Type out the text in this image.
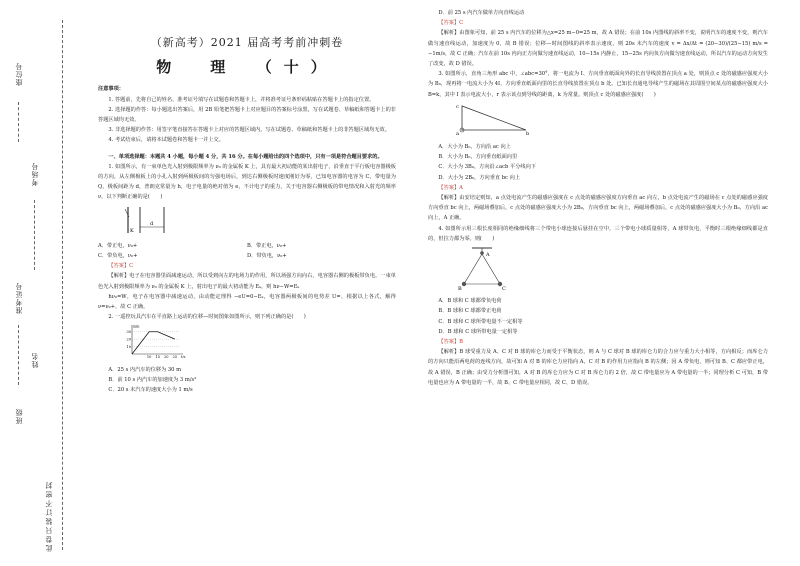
座位号
考场号
准考证号
姓名
班级
此卷只装订不密封
（新高考）2021 届高考考前冲刺卷
物　理　（十）

注意事项：

1. 答题前，先将自己的姓名、准考证号填写在试题卷和答题卡上，并将准考证号条形码粘贴在答题卡上的指定位置。

2. 选择题的作答：每小题选出答案后，用 2B 铅笔把答题卡上对应题目的答案标号涂黑，写在试题卷、草稿纸和答题卡上的非答题区域均无效。

3. 非选择题的作答：用签字笔直接答在答题卡上对应的答题区域内。写在试题卷、草稿纸和答题卡上的非答题区域均无效。

4. 考试结束后，请将本试题卷和答题卡一并上交。

一、单项选择题：本题共 4 小题，每小题 4 分，共 16 分。在每小题给出的四个选项中，只有一项是符合题目要求的。

1. 如图所示，有一束单色光入射到极限频率为 ν₀ 的金属板 K 上，具有最大初动能的某出射电子，沿垂直于平行板电容器极板的方向，从左侧极板上的小孔入射到两极板间的匀强电场后，到达右侧极板时速度刚好为零，已知电容器的电容为 C，带电量为 Q，极板间距为 d，普朗克常量为 h，电子电量的绝对值为 e，不计电子的重力，关于电容器右侧极板的带电情况和入射光的频率 ν，以下判断正确的是(　　)

K
d
A．带正电，ν₀+	B．带正电，ν₀+
C．带负电，ν₀+	D．带负电，ν₀+

【答案】C

【解析】电子在电容器里面减速运动，所以受到向左的电场力的作用，所以场强方向向右，电容器右侧的极板带负电。一束单色光入射到极限频率为 ν₀ 的金属板 K 上，射出电子的最大初动能为 Eₖ，则 hν−W=Eₖ

hν₀=W，电子在电容器中减速运动，由动能定理得 −eU=0−Eₖ，电容器两极板间的电势差 U=，根据以上各式，解得 ν=ν₀+，故 C 正确。

2. 一遥控玩具汽车在平直路上运动的位移—时间图象如图所示，则下列正确的是(　　)

10
20
30
10 15 20 25
x/m
t/s

A．25 s 内汽车的位移为 30 m

B．前 10 s 内汽车的加速度为 3 m/s²

C．20 s 末汽车的速度大小为 1 m/s

D．前 25 s 内汽车做单方向直线运动

【答案】C

【解析】由图象可知，前 25 s 内汽车的位移为△x=25 m−0=25 m，故 A 错误；在前 10s 内图线的斜率不变，说明汽车的速度不变，则汽车做匀速直线运动，加速度为 0，故 B 错误；位移—时间图线的斜率表示速度，则 20s 末汽车的速度 v = Δx/Δt = (20−30)/(25−15) m/s = −1m/s，故 C 正确；汽车在前 10s 内向正方向做匀速直线运动，10−15s 内静止，15−25s 内向负方向做匀速直线运动，所以汽车的运动方向发生了改变，故 D 错误。

3. 如图所示，直角三角形 abc 中，∠abc=30°，将一电流为 I、方向垂直纸面向外的长直导线放置在顶点 a 处，则顶点 c 处的磁感应强度大小为 B₀，现再将一电流大小为 4I、方向垂直纸面向里的长直导线放置在顶点 b 处。已知长直通电导线产生的磁场在其周围空间某点的磁感应强度大小 B=k，其中 I 表示电流大小，r 表示该点到导线的距离，k 为常量。则顶点 c 处的磁感应强度(　　)

c
a	b

A．大小为 B₀，方向沿 ac 向上

B．大小为 B₀，方向垂直纸面向里

C．大小为 3B₀，方向沿∠acb 平分线向下

D．大小为 2B₀，方向垂直 bc 向上

【答案】A

【解析】由安培定则知，a 点处电流产生的磁感应强度在 c 点处的磁感应强度方向垂直 ac 向左，b 点处电流产生的磁场在 c 点处的磁感应强度方向垂直 bc 向上，两磁场叠加后，c 点处的磁感应强度大小为 2B₀，方向垂直 bc 向上，两磁场叠加后，c 点处的磁感应强度大小为 B₀，方向沿 ac 向上，A 正确。

4. 如图所示用三根长度相同的绝缘细线将三个带电小球连接后悬挂在空中。三个带电小球质量相等，A 球带负电，平衡时三根绝缘细线都是直的，但拉力都为零。则(　　)

A
B	C

A．B 球和 C 球都带负电荷

B．B 球和 C 球都带正电荷

C．B 球和 C 球所带电量不一定相等

D．B 球和 C 球所带电量一定相等

【答案】B

【解析】B 球受重力及 A、C 对 B 球的库仑力而受于平衡状态，则 A 与 C 球对 B 球的库仑力的合力应与重力大小相等，方向相反；而库仑力的方向只能沿两电荷的连线方向，故可知 A 对 B 的库仑力应指向 A，C 对 B 的作用力应指向 B 的左侧；因 A 带负电，则可知 B、C 都应带正电，故 A 错误，B 正确；由受力分析图可知，A 对 B 的库仑力应为 C 对 B 库仑力的 2 倍，故 C 带电量应为 A 带电量的一半；同理分析 C 可知，B 带电量也应为 A 带电量的一半，故 B、C 带电量应相同，故 C、D 错误。
